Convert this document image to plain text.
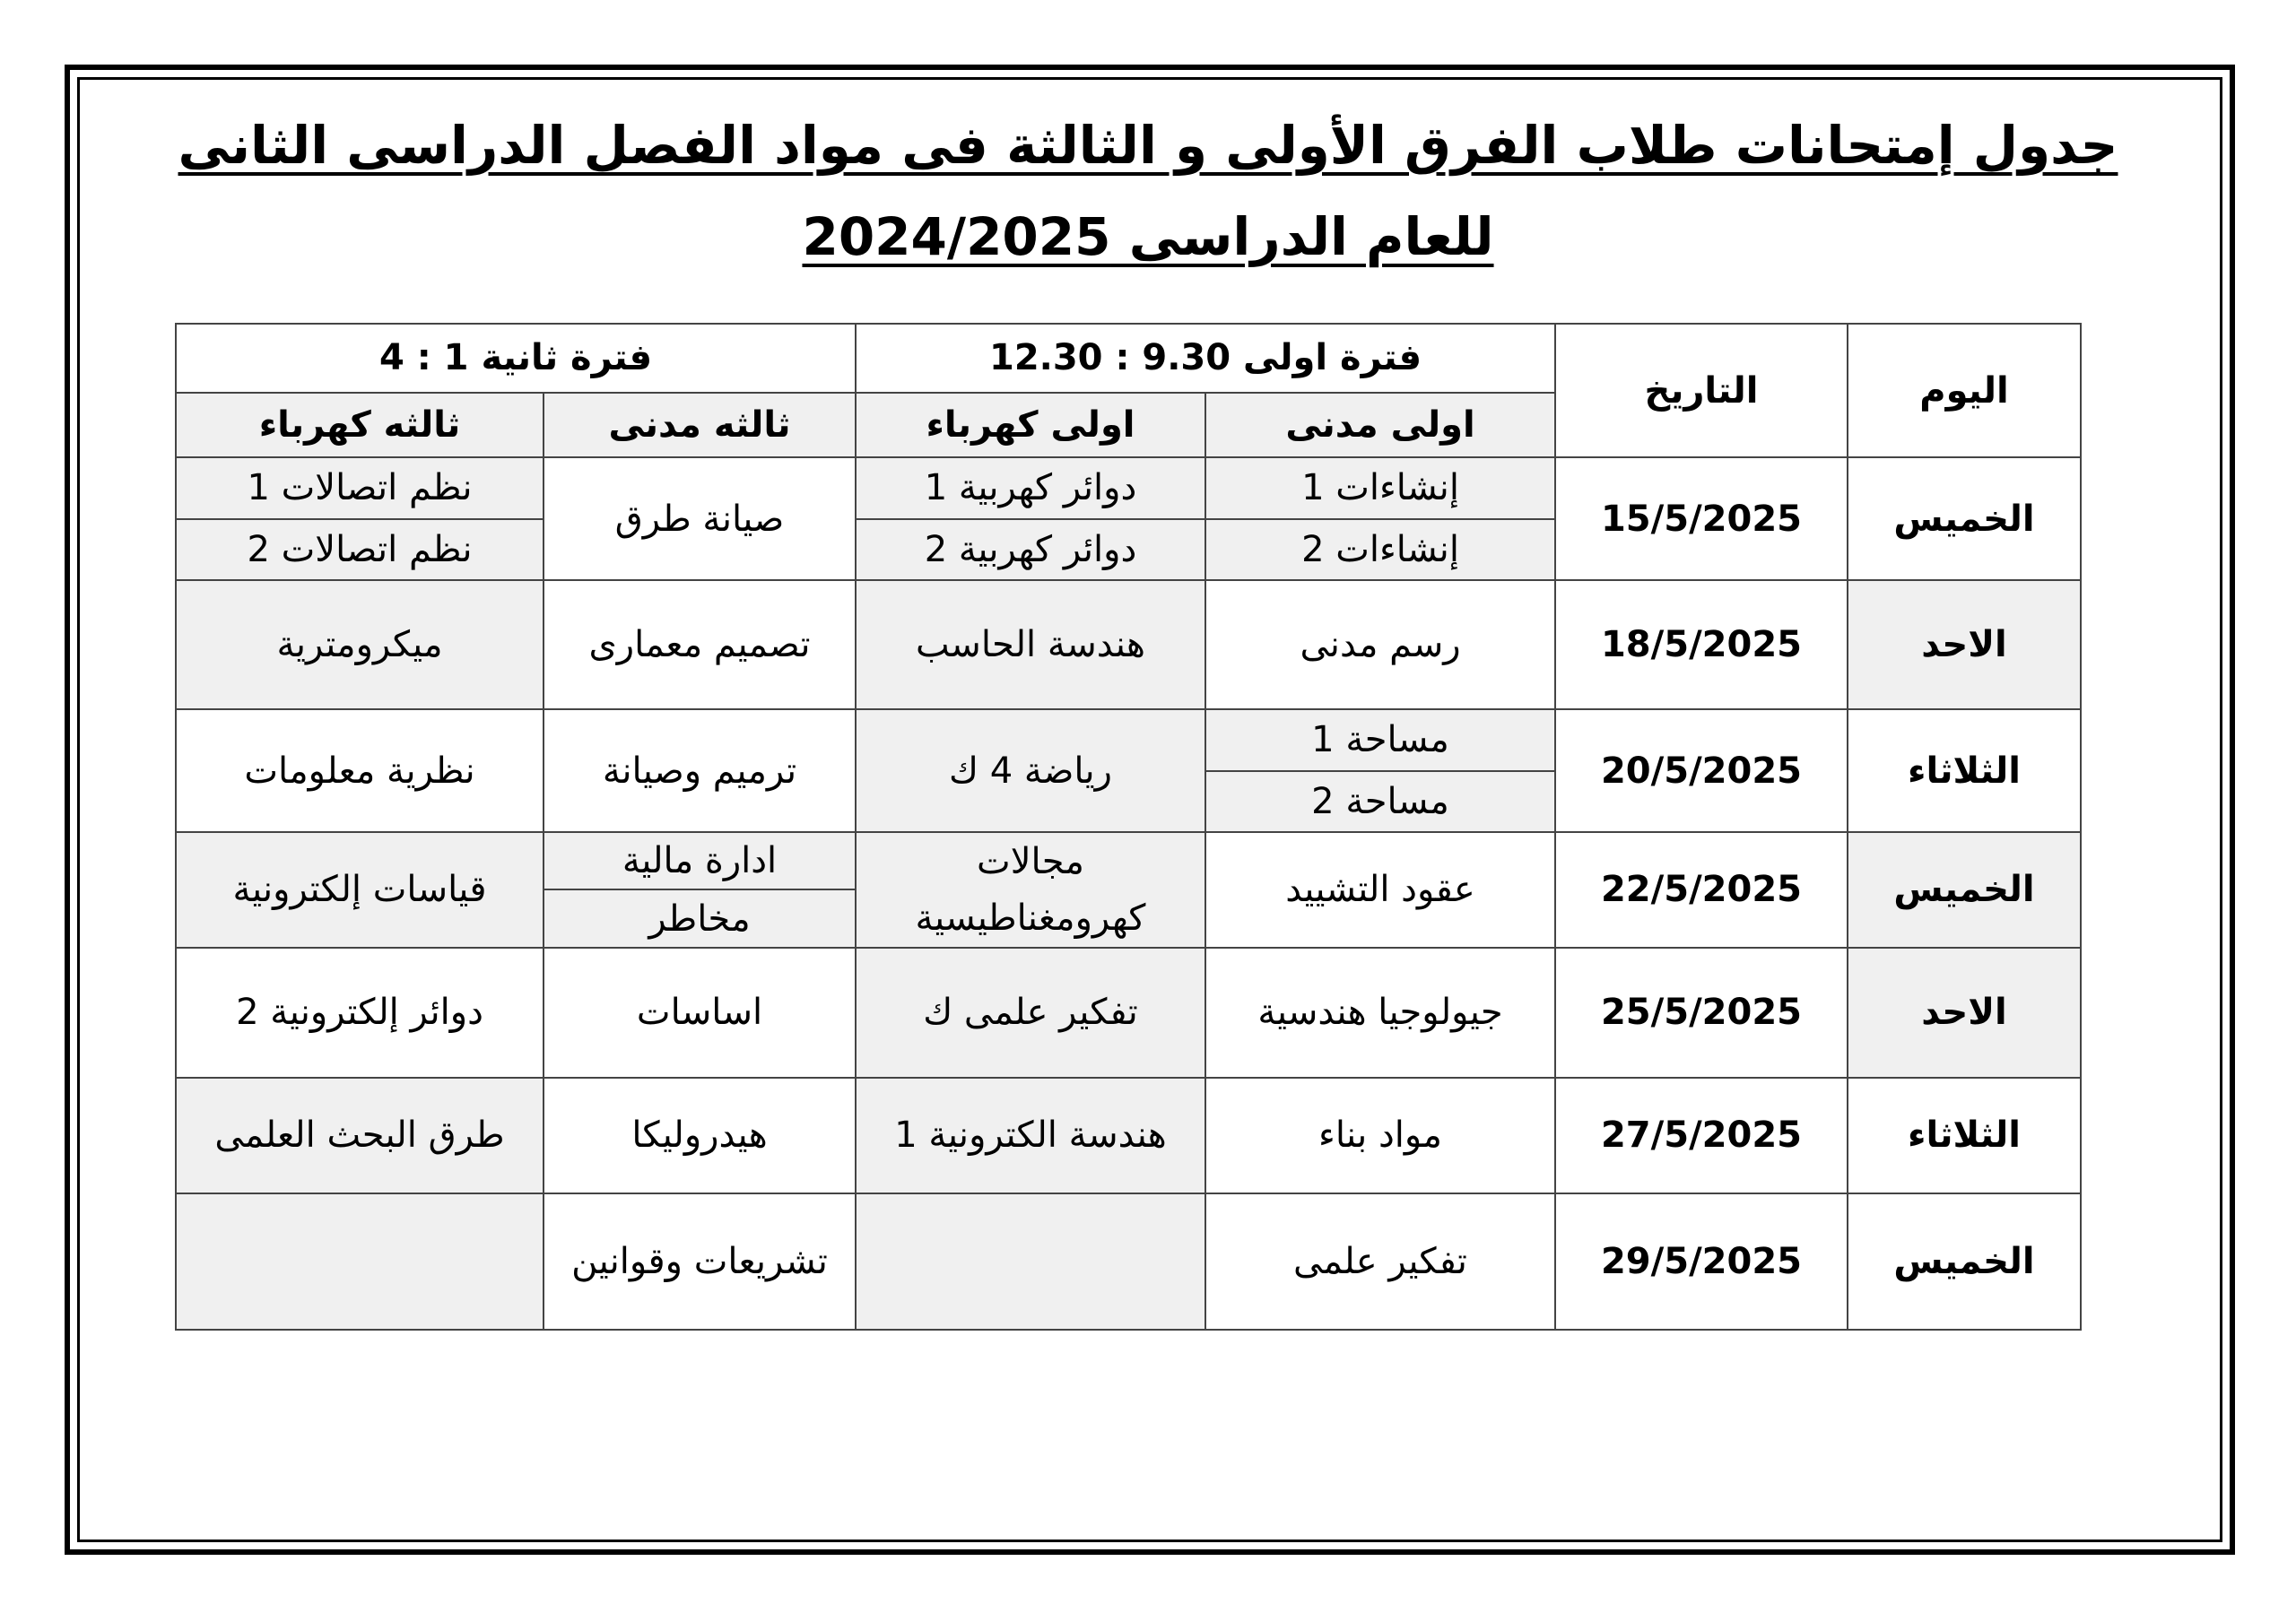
جدول إمتحانات طلاب الفرق الأولى و الثالثة فى مواد الفصل الدراسى الثانى
للعام الدراسى 2024/2025
اليوم	التاريخ	فترة اولى 9.30 : 12.30		فترة ثانية 1 : 4	
		اولى مدنى	اولى كهرباء	ثالثه مدنى	ثالثه كهرباء
الخميس	15/5/2025	إنشاءات 1	دوائر كهربية 1	صيانة طرق	نظم اتصالات 1
		إنشاءات 2	دوائر كهربية 2		نظم اتصالات 2
الاحد	18/5/2025	رسم مدنى	هندسة الحاسب	تصميم معمارى	ميكرومترية
الثلاثاء	20/5/2025	مساحة 1	رياضة 4 ك	ترميم وصيانة	نظرية معلومات
		مساحة 2			
الخميس	22/5/2025	عقود التشييد	مجالات	ادارة مالية	قياسات إلكترونية
			كهرومغناطيسية	مخاطر	
الاحد	25/5/2025	جيولوجيا هندسية	تفكير علمى ك	اساسات	دوائر إلكترونية 2
الثلاثاء	27/5/2025	مواد بناء	هندسة الكترونية 1	هيدروليكا	طرق البحث العلمى
الخميس	29/5/2025	تفكير علمى		تشريعات وقوانين	
